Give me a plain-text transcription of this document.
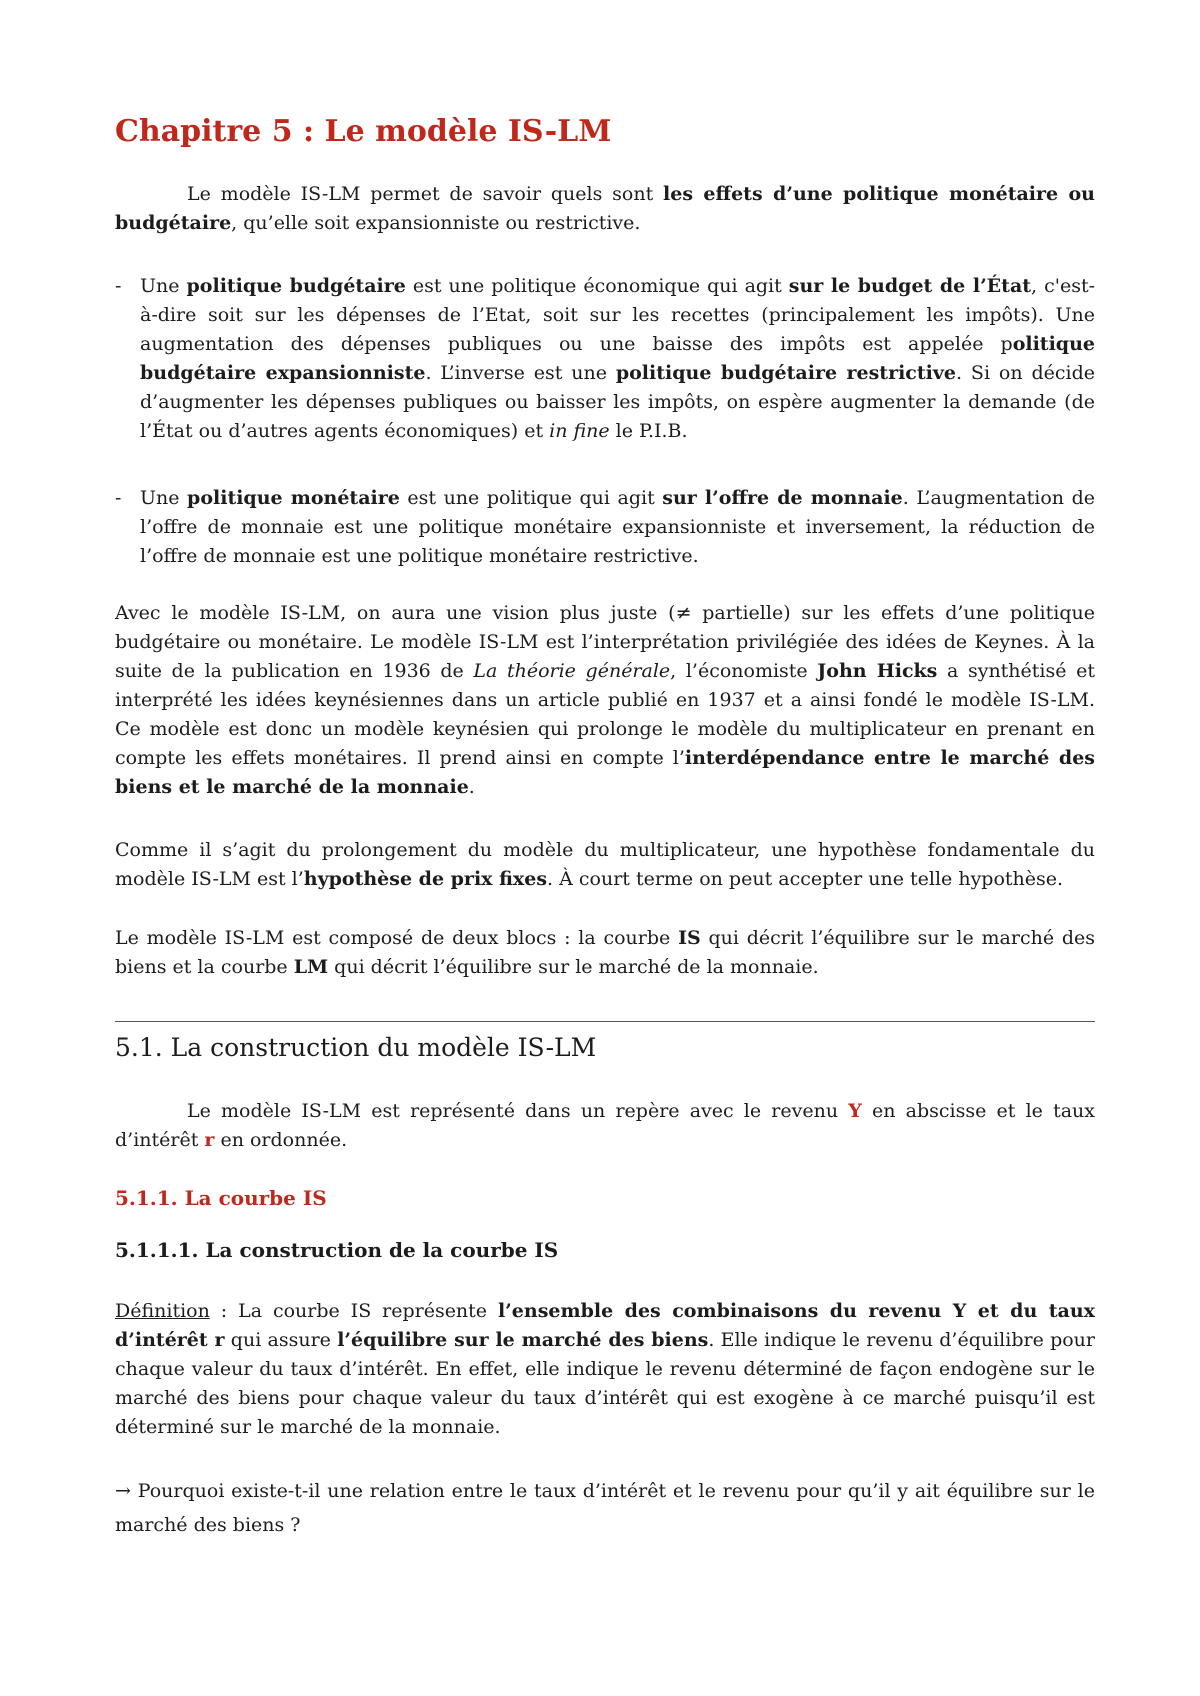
Chapitre 5 : Le modèle IS-LM

Le modèle IS-LM permet de savoir quels sont les effets d’une politique monétaire ou budgétaire, qu’elle soit expansionniste ou restrictive.

- Une politique budgétaire est une politique économique qui agit sur le budget de l’État, c'est-à-dire soit sur les dépenses de l’Etat, soit sur les recettes (principalement les impôts). Une augmentation des dépenses publiques ou une baisse des impôts est appelée politique budgétaire expansionniste. L’inverse est une politique budgétaire restrictive. Si on décide d’augmenter les dépenses publiques ou baisser les impôts, on espère augmenter la demande (de l’État ou d’autres agents économiques) et in fine le P.I.B.

- Une politique monétaire est une politique qui agit sur l’offre de monnaie. L’augmentation de l’offre de monnaie est une politique monétaire expansionniste et inversement, la réduction de l’offre de monnaie est une politique monétaire restrictive.

Avec le modèle IS-LM, on aura une vision plus juste (≠ partielle) sur les effets d’une politique budgétaire ou monétaire. Le modèle IS-LM est l’interprétation privilégiée des idées de Keynes. À la suite de la publication en 1936 de La théorie générale, l’économiste John Hicks a synthétisé et interprété les idées keynésiennes dans un article publié en 1937 et a ainsi fondé le modèle IS-LM. Ce modèle est donc un modèle keynésien qui prolonge le modèle du multiplicateur en prenant en compte les effets monétaires. Il prend ainsi en compte l’interdépendance entre le marché des biens et le marché de la monnaie.

Comme il s’agit du prolongement du modèle du multiplicateur, une hypothèse fondamentale du modèle IS-LM est l’hypothèse de prix fixes. À court terme on peut accepter une telle hypothèse.

Le modèle IS-LM est composé de deux blocs : la courbe IS qui décrit l’équilibre sur le marché des biens et la courbe LM qui décrit l’équilibre sur le marché de la monnaie.

5.1. La construction du modèle IS-LM

Le modèle IS-LM est représenté dans un repère avec le revenu Y en abscisse et le taux d’intérêt r en ordonnée.

5.1.1. La courbe IS
5.1.1.1. La construction de la courbe IS

Définition : La courbe IS représente l’ensemble des combinaisons du revenu Y et du taux d’intérêt r qui assure l’équilibre sur le marché des biens. Elle indique le revenu d’équilibre pour chaque valeur du taux d’intérêt. En effet, elle indique le revenu déterminé de façon endogène sur le marché des biens pour chaque valeur du taux d’intérêt qui est exogène à ce marché puisqu’il est déterminé sur le marché de la monnaie.

→ Pourquoi existe-t-il une relation entre le taux d’intérêt et le revenu pour qu’il y ait équilibre sur le marché des biens ?
